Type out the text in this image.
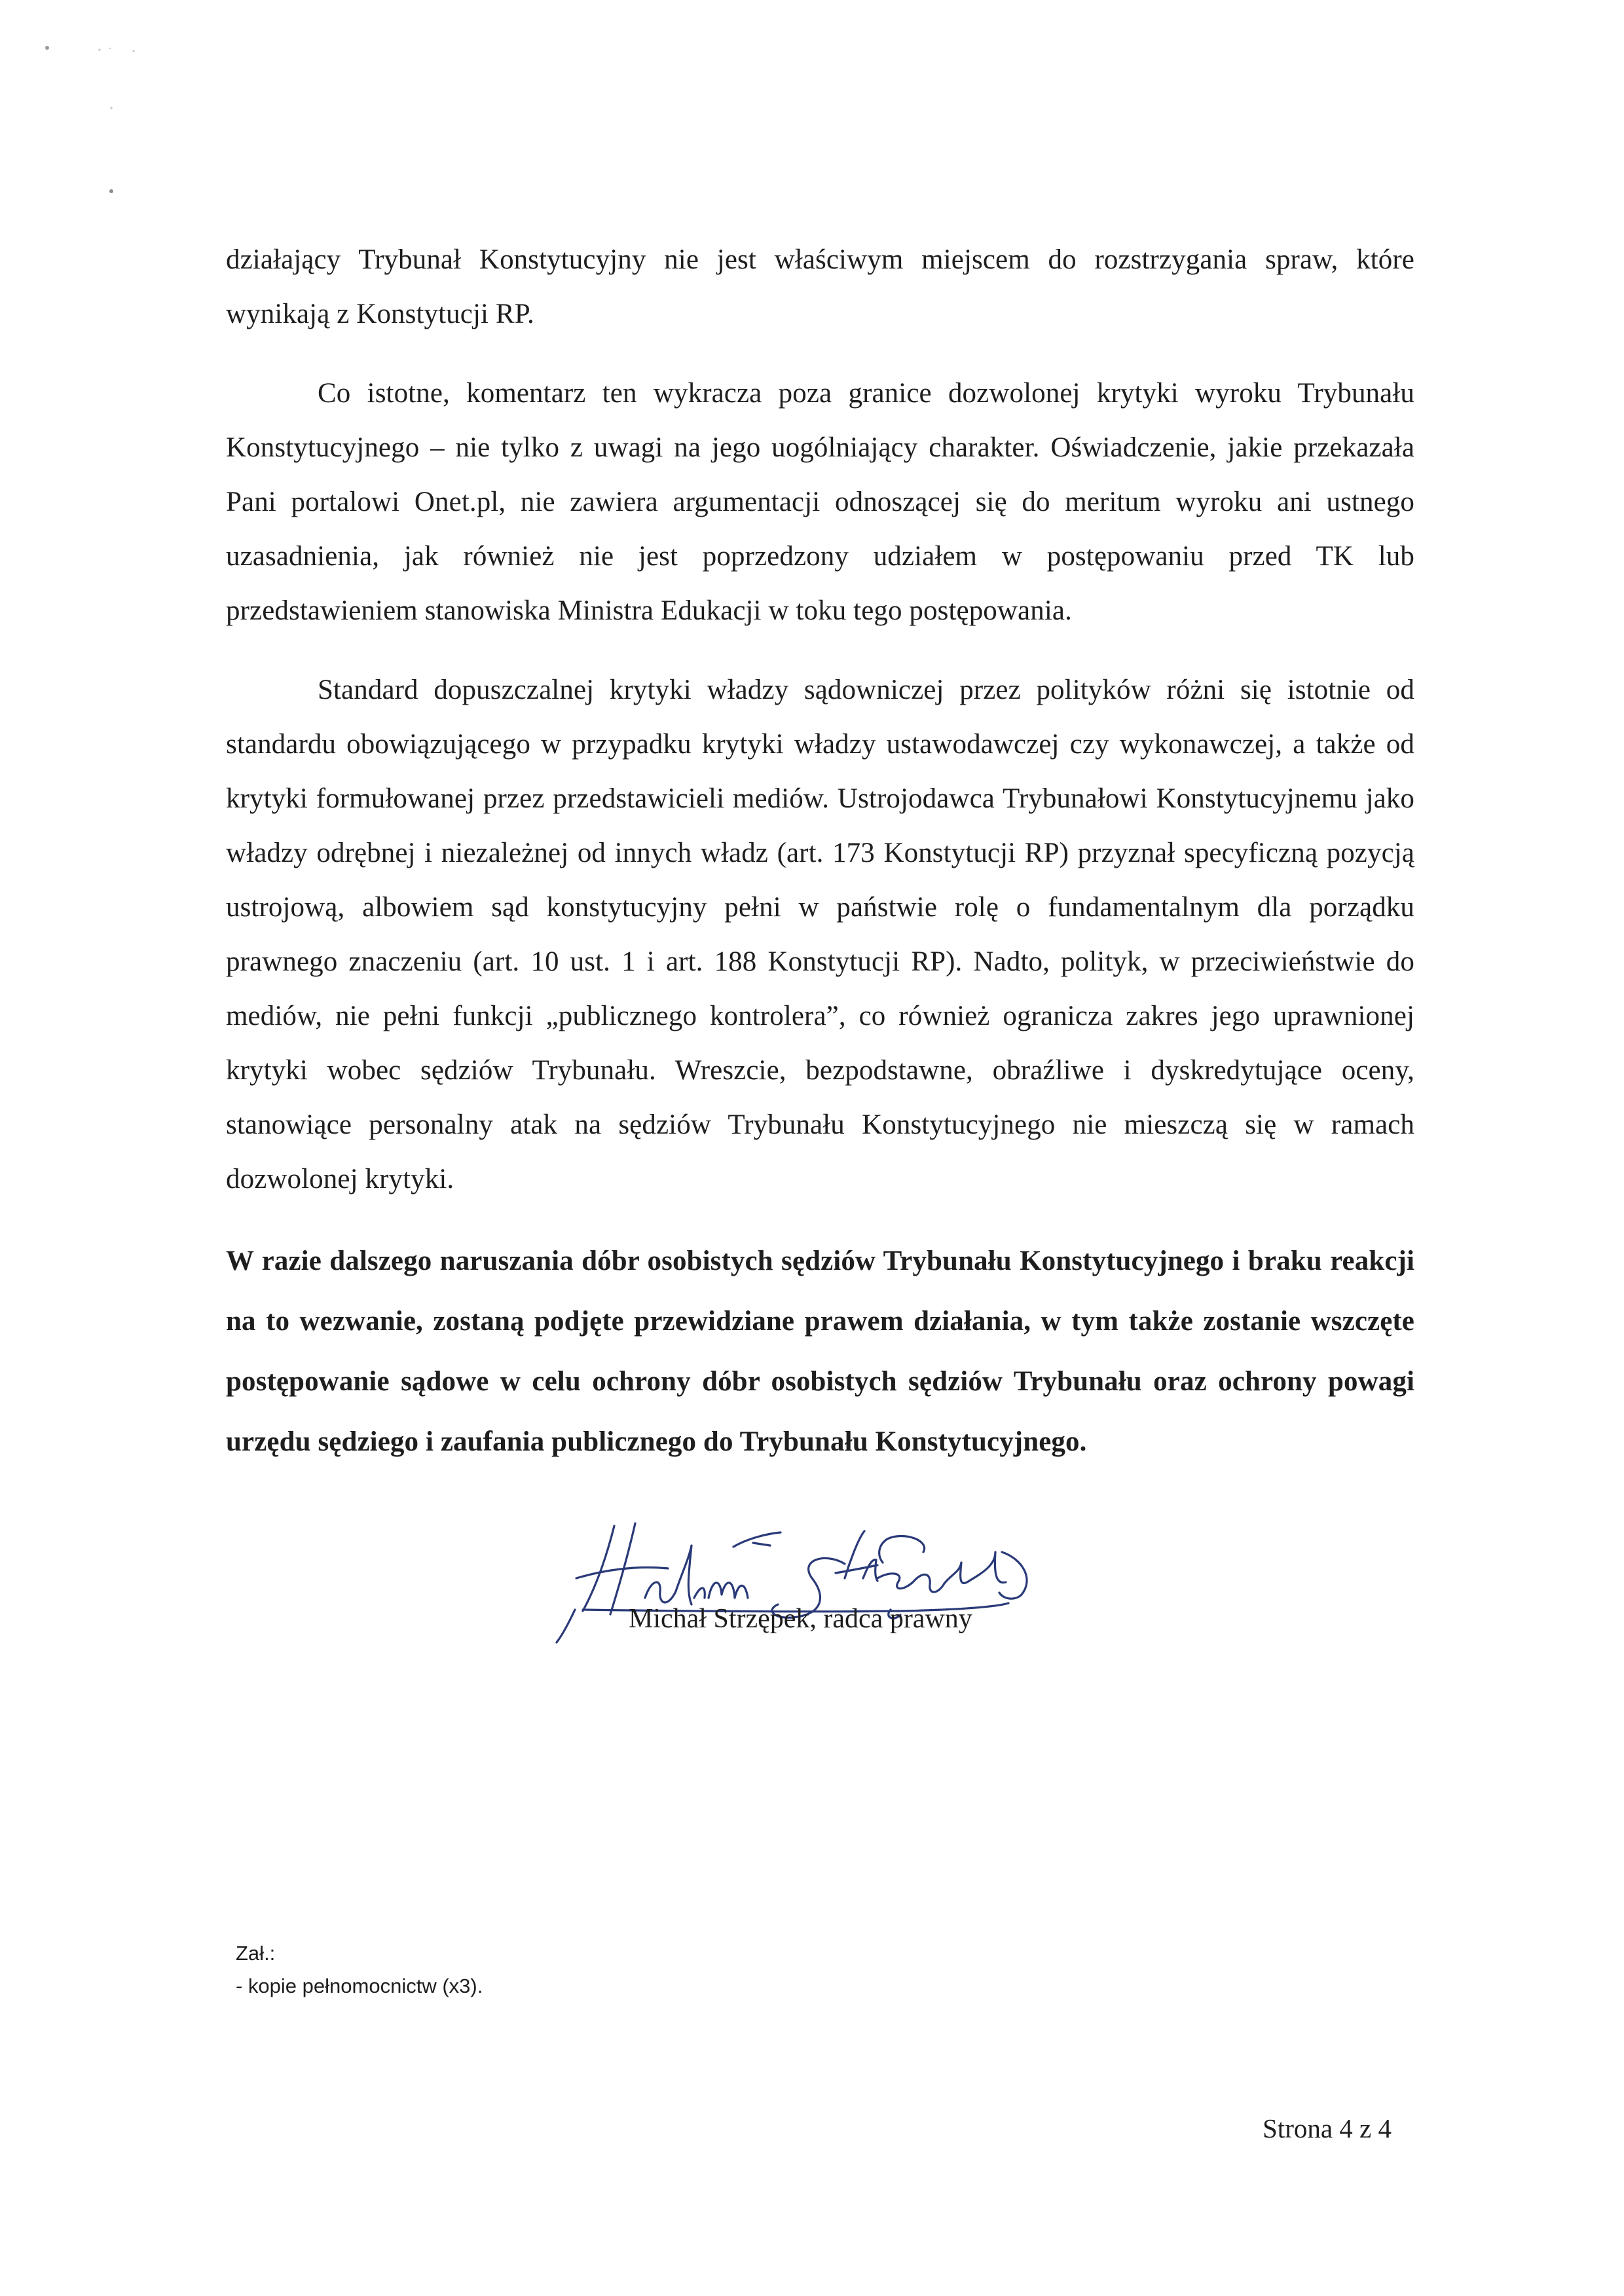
działający Trybunał Konstytucyjny nie jest właściwym miejscem do rozstrzygania spraw, które wynikają z Konstytucji RP.

Co istotne, komentarz ten wykracza poza granice dozwolonej krytyki wyroku Trybunału Konstytucyjnego – nie tylko z uwagi na jego uogólniający charakter. Oświadczenie, jakie przekazała Pani portalowi Onet.pl, nie zawiera argumentacji odnoszącej się do meritum wyroku ani ustnego uzasadnienia, jak również nie jest poprzedzony udziałem w postępowaniu przed TK lub przedstawieniem stanowiska Ministra Edukacji w toku tego postępowania.

Standard dopuszczalnej krytyki władzy sądowniczej przez polityków różni się istotnie od standardu obowiązującego w przypadku krytyki władzy ustawodawczej czy wykonawczej, a także od krytyki formułowanej przez przedstawicieli mediów. Ustrojodawca Trybunałowi Konstytucyjnemu jako władzy odrębnej i niezależnej od innych władz (art. 173 Konstytucji RP) przyznał specyficzną pozycją ustrojową, albowiem sąd konstytucyjny pełni w państwie rolę o fundamentalnym dla porządku prawnego znaczeniu (art. 10 ust. 1 i art. 188 Konstytucji RP). Nadto, polityk, w przeciwieństwie do mediów, nie pełni funkcji „publicznego kontrolera”, co również ogranicza zakres jego uprawnionej krytyki wobec sędziów Trybunału. Wreszcie, bezpodstawne, obraźliwe i dyskredytujące oceny, stanowiące personalny atak na sędziów Trybunału Konstytucyjnego nie mieszczą się w ramach dozwolonej krytyki.

W razie dalszego naruszania dóbr osobistych sędziów Trybunału Konstytucyjnego i braku reakcji na to wezwanie, zostaną podjęte przewidziane prawem działania, w tym także zostanie wszczęte postępowanie sądowe w celu ochrony dóbr osobistych sędziów Trybunału oraz ochrony powagi urzędu sędziego i zaufania publicznego do Trybunału Konstytucyjnego.

Michał Strzępek, radca prawny
Zał.:
- kopie pełnomocnictw (x3).
Strona 4 z 4
